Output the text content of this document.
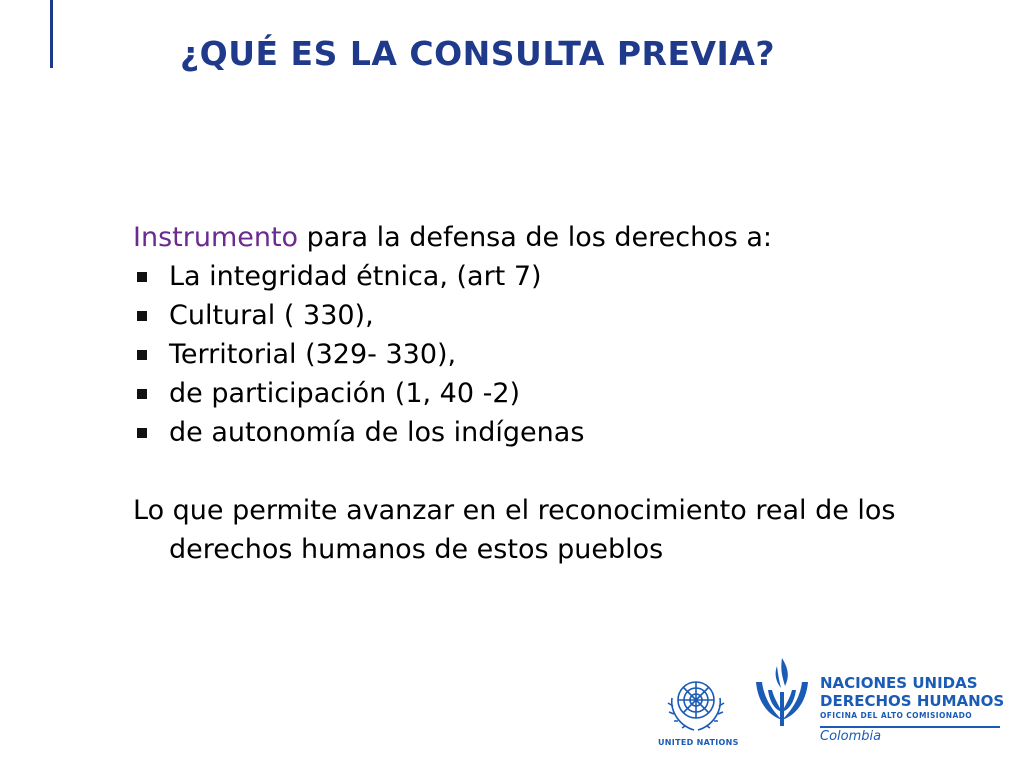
¿QUÉ ES LA CONSULTA PREVIA?

Instrumento para la defensa de los derechos a:

La integridad étnica, (art 7)
Cultural ( 330),
Territorial (329- 330),
de participación (1, 40 -2)
de autonomía de los indígenas

Lo que permite avanzar en el reconocimiento real de los derechos humanos de estos pueblos

UNITED NATIONS
NACIONES UNIDAS
DERECHOS HUMANOS
OFICINA DEL ALTO COMISIONADO
Colombia
